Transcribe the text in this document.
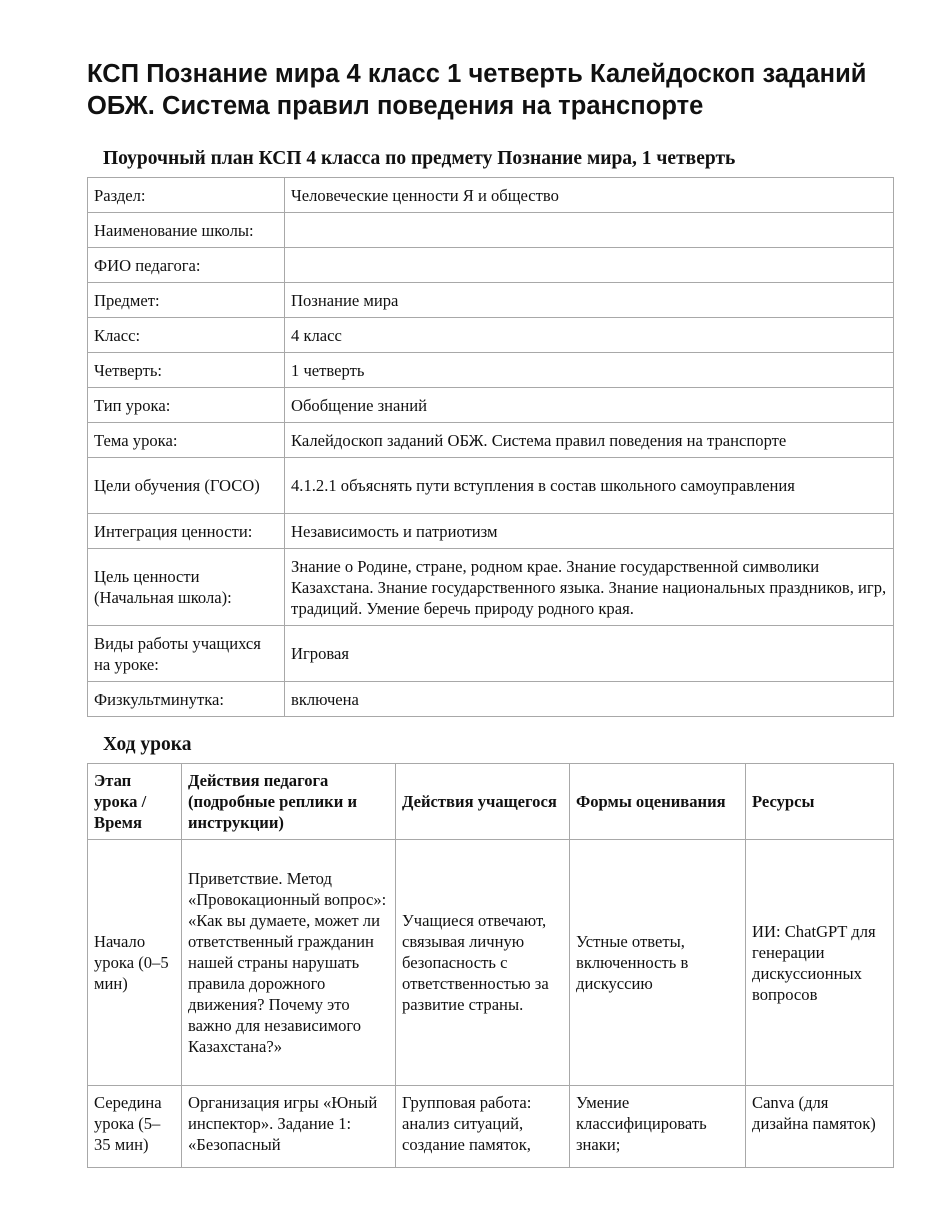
КСП Познание мира 4 класс 1 четверть Калейдоскоп заданий ОБЖ. Система правил поведения на транспорте
Поурочный план КСП 4 класса по предмету Познание мира, 1 четверть
Раздел:	Человеческие ценности Я и общество
Наименование школы:	
ФИО педагога:	
Предмет:	Познание мира
Класс:	4 класс
Четверть:	1 четверть
Тип урока:	Обобщение знаний
Тема урока:	Калейдоскоп заданий ОБЖ. Система правил поведения на транспорте
Цели обучения (ГОСО)	4.1.2.1 объяснять пути вступления в состав школьного самоуправления
Интеграция ценности:	Независимость и патриотизм
Цель ценности (Начальная школа):	Знание о Родине, стране, родном крае. Знание государственной символики Казахстана. Знание государственного языка. Знание национальных праздников, игр, традиций. Умение беречь природу родного края.
Виды работы учащихся на уроке:	Игровая
Физкультминутка:	включена
Ход урока
Этап урока / Время	Действия педагога (подробные реплики и инструкции)	Действия учащегося	Формы оценивания	Ресурсы
Начало урока (0–5 мин)	Приветствие. Метод «Провокационный вопрос»: «Как вы думаете, может ли ответственный гражданин нашей страны нарушать правила дорожного движения? Почему это важно для независимого Казахстана?»	Учащиеся отвечают, связывая личную безопасность с ответственностью за развитие страны.	Устные ответы, включенность в дискуссию	ИИ: ChatGPT для генерации дискуссионных вопросов
Середина урока (5–35 мин)	Организация игры «Юный инспектор». Задание 1: «Безопасный	Групповая работа: анализ ситуаций, создание памяток,	Умение классифицировать знаки;	Canva (для дизайна памяток)
